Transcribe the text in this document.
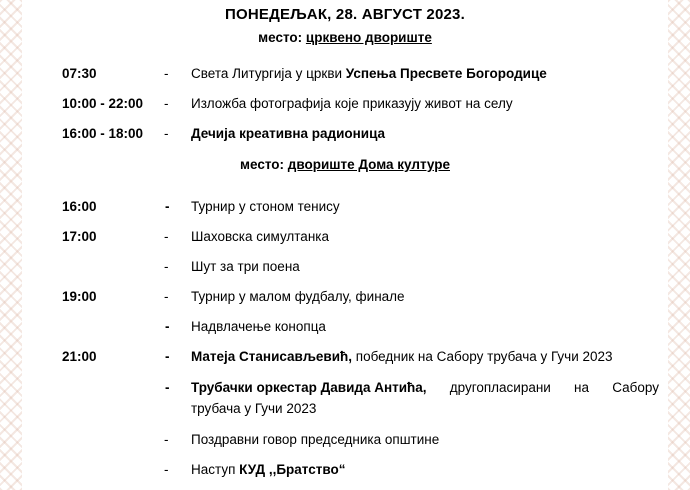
ПОНЕДЕЉАК, 28. АВГУСТ 2023.
место: црквено двориште
07:30	- Света Литургија у цркви Успења Пресвете Богородице
10:00 - 22:00 - Изложба фотографија које приказују живот на селу
16:00 - 18:00 - Дечија креативна радионица
место: двориште Дома културе
16:00	- Турнир у стоном тенису
17:00	- Шаховска симултанка
- Шут за три поена
19:00	- Турнир у малом фудбалу, финале
- Надвлачење конопца
21:00	- Матеја Станисављевић, победник на Сабору трубача у Гучи 2023
- Трубачки оркестар Давида Антића, другопласирани на Сабору
трубача у Гучи 2023
- Поздравни говор председника општине
- Наступ КУД ,,Братство“
